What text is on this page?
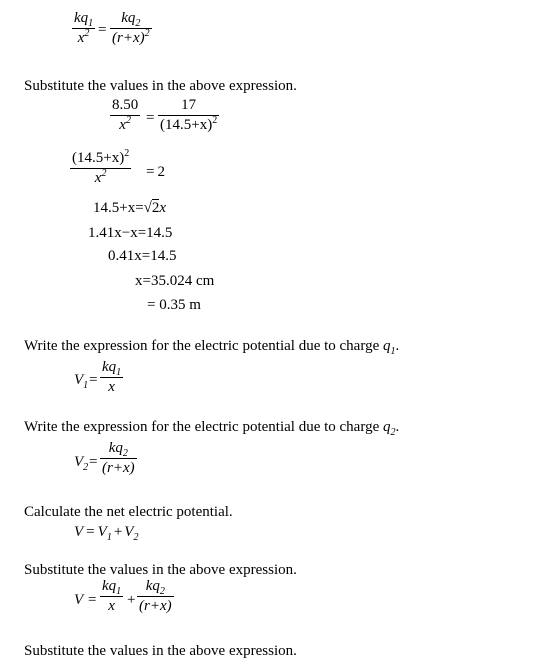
$kq_1$
$x^2$ =
$kq_2$
$(r+x)^2$
Substitute the values in the above expression.
8.50
$x^2$	=
17
$(14.5+x)^2$
$(14.5+x)^2$
$x^2$	= 2
14.5+x=√2x
1.41x−x=14.5
0.41x=14.5
x=35.024 cm
= 0.35 m
Write the expression for the electric potential due to charge $q_1$.
$V_1$ =
$kq_1$
x
Write the expression for the electric potential due to charge $q_2$.
$V_2$ =
$kq_2$
(r+x)
Calculate the net electric potential.
$V = V_1 + V_2$
Substitute the values in the above expression.
V =
$kq_1$
x +
$kq_2$
(r+x)
Substitute the values in the above expression.
